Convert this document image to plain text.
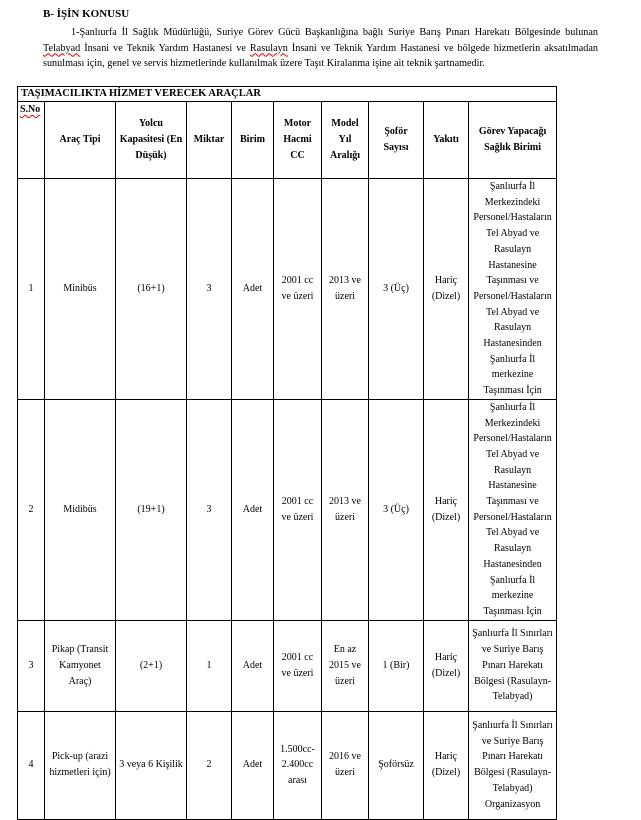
B- İŞİN KONUSU
1-Şanlıurfa İl Sağlık Müdürlüğü, Suriye Görev Gücü Başkanlığına bağlı Suriye Barış Pınarı Harekatı Bölgesinde bulunan Telabyad İnsani ve Teknik Yardım Hastanesi ve Rasulayn İnsani ve Teknik Yardım Hastanesi ve bölgede hizmetlerin aksatılmadan sunulması için, genel ve servis hizmetlerinde kullanılmak üzere Taşıt Kiralanma işine ait teknik şartnamedir.
TAŞIMACILIKTA HİZMET VERECEK ARAÇLAR									
S.No	Araç Tipi	Yolcu Kapasitesi (En Düşük)	Miktar	Birim	Motor Hacmi CC	Model Yıl Aralığı	Şoför Sayısı	Yakıtı	Görev Yapacağı Sağlık Birimi
1	Minibüs	(16+1)	3	Adet	2001 cc ve üzeri	2013 ve üzeri	3 (Üç)	Hariç (Dizel)	Şanlıurfa İl Merkezindeki Personel/Hastaların Tel Abyad ve Rasulayn Hastanesine Taşınması ve Personel/Hastaların Tel Abyad ve Rasulayn Hastanesinden Şanlıurfa İl merkezine Taşınması İçin
2	Midibüs	(19+1)	3	Adet	2001 cc ve üzeri	2013 ve üzeri	3 (Üç)	Hariç (Dizel)	Şanlıurfa İl Merkezindeki Personel/Hastaların Tel Abyad ve Rasulayn Hastanesine Taşınması ve Personel/Hastaların Tel Abyad ve Rasulayn Hastanesinden Şanlıurfa İl merkezine Taşınması İçin
3	Pikap (Transit Kamyonet Araç)	(2+1)	1	Adet	2001 cc ve üzeri	En az 2015 ve üzeri	1 (Bir)	Hariç (Dizel)	Şanlıurfa İl Sınırları ve Suriye Barış Pınarı Harekatı Bölgesi (Rasulayn-Telabyad)
4	Pick-up (arazi hizmetleri için)	3 veya 6 Kişilik	2	Adet	1.500cc-2.400cc arası	2016 ve üzeri	Şoförsüz	Hariç (Dizel)	Şanlıurfa İl Sınırları ve Suriye Barış Pınarı Harekatı Bölgesi (Rasulayn-Telabyad) Organizasyon
